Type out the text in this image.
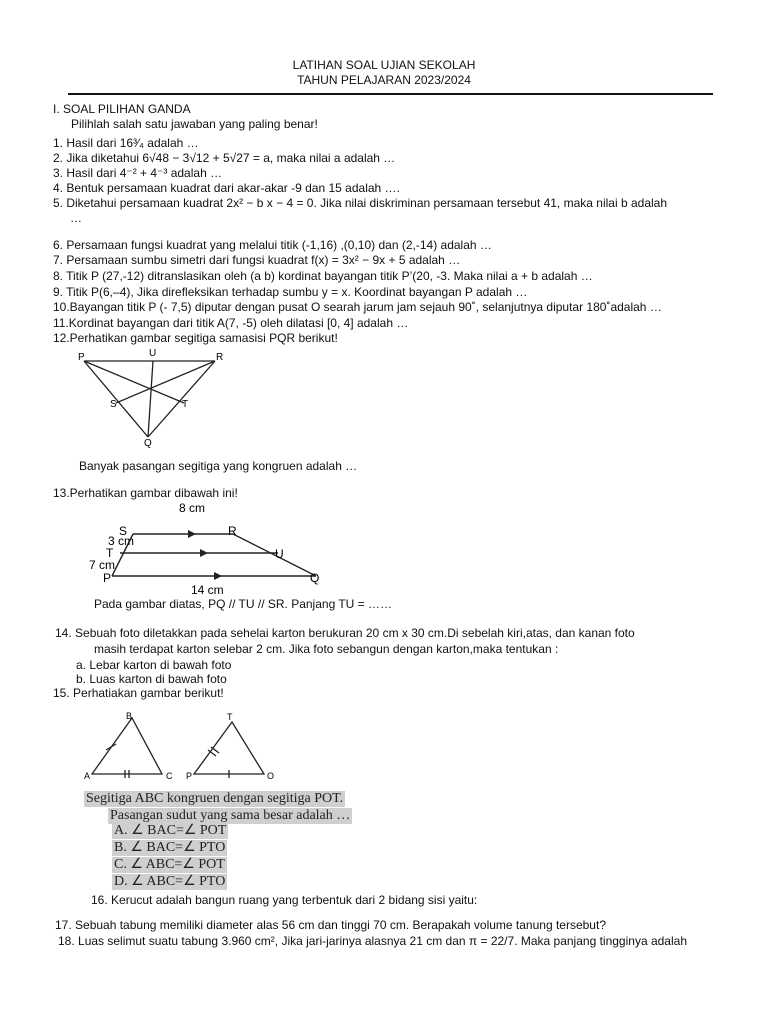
LATIHAN SOAL UJIAN SEKOLAH
TAHUN PELAJARAN 2023/2024
I. SOAL PILIHAN GANDA
Pilihlah salah satu jawaban yang paling benar!
1. Hasil dari 16³⁄₄ adalah …
2. Jika diketahui 6√48 − 3√12 + 5√27 = a, maka nilai a adalah …
3. Hasil dari 4⁻² + 4⁻³ adalah …
4. Bentuk persamaan kuadrat dari akar-akar -9 dan 15 adalah ….
5. Diketahui persamaan kuadrat 2x² − b x − 4 = 0. Jika nilai diskriminan persamaan tersebut 41, maka nilai b adalah
…
6. Persamaan fungsi kuadrat yang melalui titik (-1,16) ,(0,10) dan (2,-14) adalah …
7. Persamaan sumbu simetri dari fungsi kuadrat f(x) = 3x² − 9x + 5 adalah …
8. Titik P (27,-12) ditranslasikan oleh (a b) kordinat bayangan titik P’(20, -3. Maka nilai a + b adalah …
9. Titik P(6,–4), Jika direfleksikan terhadap sumbu y = x. Koordinat bayangan P adalah …
10.Bayangan titik P (- 7,5) diputar dengan pusat O searah jarum jam sejauh 90˚, selanjutnya diputar 180˚adalah …
11.Kordinat bayangan dari titik A(7, -5) oleh dilatasi [0, 4] adalah …
12.Perhatikan gambar segitiga samasisi PQR berikut!
P	U	R
S	T
Q
Banyak pasangan segitiga yang kongruen adalah …
13.Perhatikan gambar dibawah ini!
8 cm
S	R
3 cm
T	U
7 cm
P	Q
14 cm
Pada gambar diatas, PQ // TU // SR. Panjang TU = ……
14. Sebuah foto diletakkan pada sehelai karton berukuran 20 cm x 30 cm.Di sebelah kiri,atas, dan kanan foto
masih terdapat karton selebar 2 cm. Jika foto sebangun dengan karton,maka tentukan :
a. Lebar karton di bawah foto
b. Luas karton di bawah foto
15. Perhatiakan gambar berikut!
A
B
C P
T
O
Segitiga ABC kongruen dengan segitiga POT.
Pasangan sudut yang sama besar adalah …
A. ∠ BAC=∠ POT
B. ∠ BAC=∠ PTO
C. ∠ ABC=∠ POT
D. ∠ ABC=∠ PTO
16. Kerucut adalah bangun ruang yang terbentuk dari 2 bidang sisi yaitu:
17. Sebuah tabung memiliki diameter alas 56 cm dan tinggi 70 cm. Berapakah volume tanung tersebut?
18. Luas selimut suatu tabung 3.960 cm², Jika jari-jarinya alasnya 21 cm dan π = 22/7. Maka panjang tingginya adalah
